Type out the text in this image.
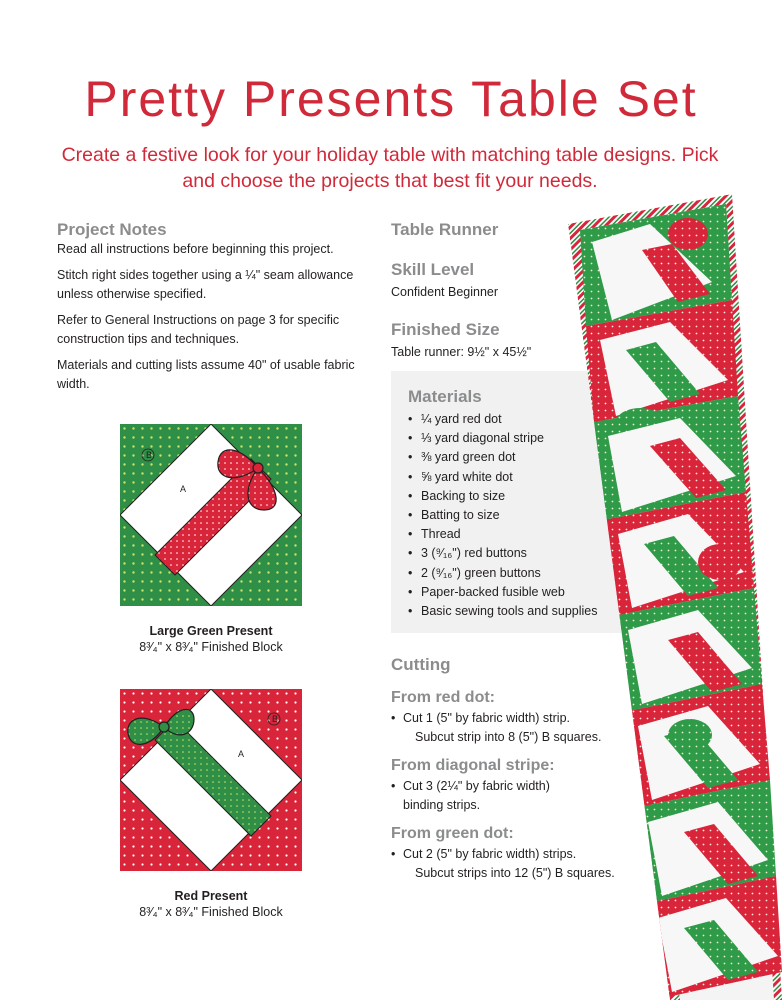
Pretty Presents Table Set

Create a festive look for your holiday table with matching table designs. Pick and choose the projects that best fit your needs.

Project Notes

Read all instructions before beginning this project.

Stitch right sides together using a ¼" seam allowance unless otherwise specified.

Refer to General Instructions on page 3 for specific construction tips and techniques.

Materials and cutting lists assume 40" of usable fabric width.

B
A
Large Green Present
8³⁄₄" x 8³⁄₄" Finished Block
B
A
Red Present
8³⁄₄" x 8³⁄₄" Finished Block
Table Runner
Skill Level

Confident Beginner

Finished Size

Table runner: 9½" x 45½"

Materials
• ¼ yard red dot
• ⅓ yard diagonal stripe
• ⅜ yard green dot
• ⅝ yard white dot
• Backing to size
• Batting to size
• Thread
• 3 (⁹⁄₁₆") red buttons
• 2 (⁹⁄₁₆") green buttons
• Paper-backed fusible web
• Basic sewing tools and supplies
Cutting
From red dot:

• Cut 1 (5" by fabric width) strip.

Subcut strip into 8 (5") B squares.

From diagonal stripe:

• Cut 3 (2¼" by fabric width)

binding strips.

From green dot:

• Cut 2 (5" by fabric width) strips.

Subcut strips into 12 (5") B squares.
